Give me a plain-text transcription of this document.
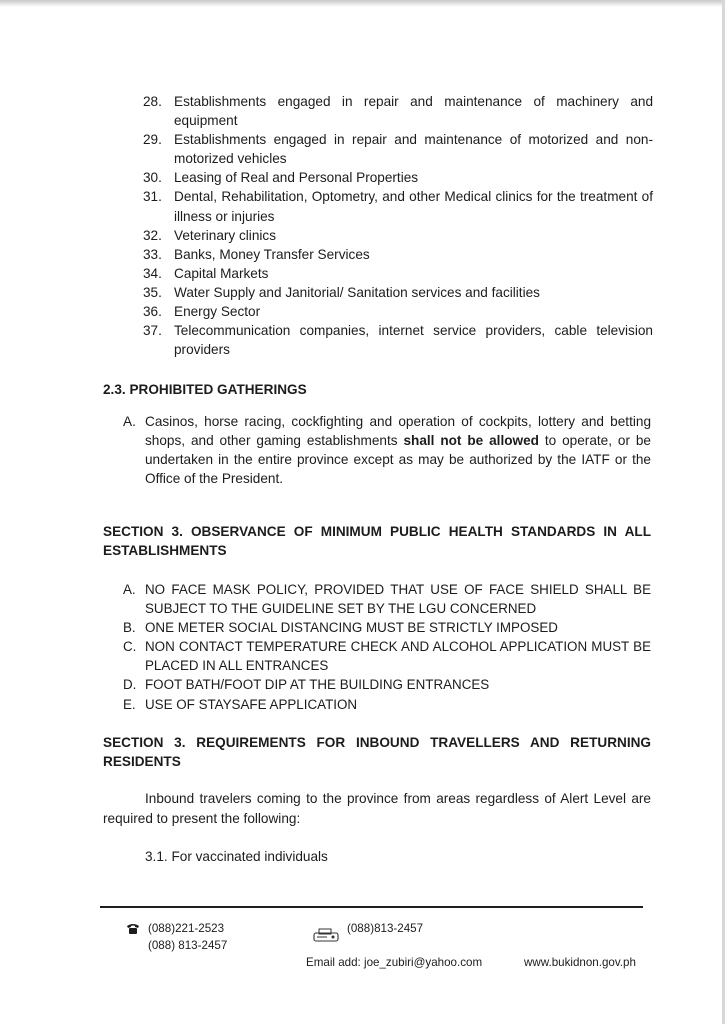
28. Establishments engaged in repair and maintenance of machinery and equipment
29. Establishments engaged in repair and maintenance of motorized and non-motorized vehicles
30. Leasing of Real and Personal Properties
31. Dental, Rehabilitation, Optometry, and other Medical clinics for the treatment of illness or injuries
32. Veterinary clinics
33. Banks, Money Transfer Services
34. Capital Markets
35. Water Supply and Janitorial/ Sanitation services and facilities
36. Energy Sector
37. Telecommunication companies, internet service providers, cable television providers
2.3. PROHIBITED GATHERINGS
A. Casinos, horse racing, cockfighting and operation of cockpits, lottery and betting shops, and other gaming establishments shall not be allowed to operate, or be undertaken in the entire province except as may be authorized by the IATF or the Office of the President.
SECTION 3. OBSERVANCE OF MINIMUM PUBLIC HEALTH STANDARDS IN ALL ESTABLISHMENTS
A. NO FACE MASK POLICY, PROVIDED THAT USE OF FACE SHIELD SHALL BE SUBJECT TO THE GUIDELINE SET BY THE LGU CONCERNED
B. ONE METER SOCIAL DISTANCING MUST BE STRICTLY IMPOSED
C. NON CONTACT TEMPERATURE CHECK AND ALCOHOL APPLICATION MUST BE PLACED IN ALL ENTRANCES
D. FOOT BATH/FOOT DIP AT THE BUILDING ENTRANCES
E. USE OF STAYSAFE APPLICATION
SECTION 3. REQUIREMENTS FOR INBOUND TRAVELLERS AND RETURNING RESIDENTS

Inbound travelers coming to the province from areas regardless of Alert Level are required to present the following:

3.1. For vaccinated individuals
(088)221-2523
(088) 813-2457
(088)813-2457
Email add: joe_zubiri@yahoo.com	www.bukidnon.gov.ph
